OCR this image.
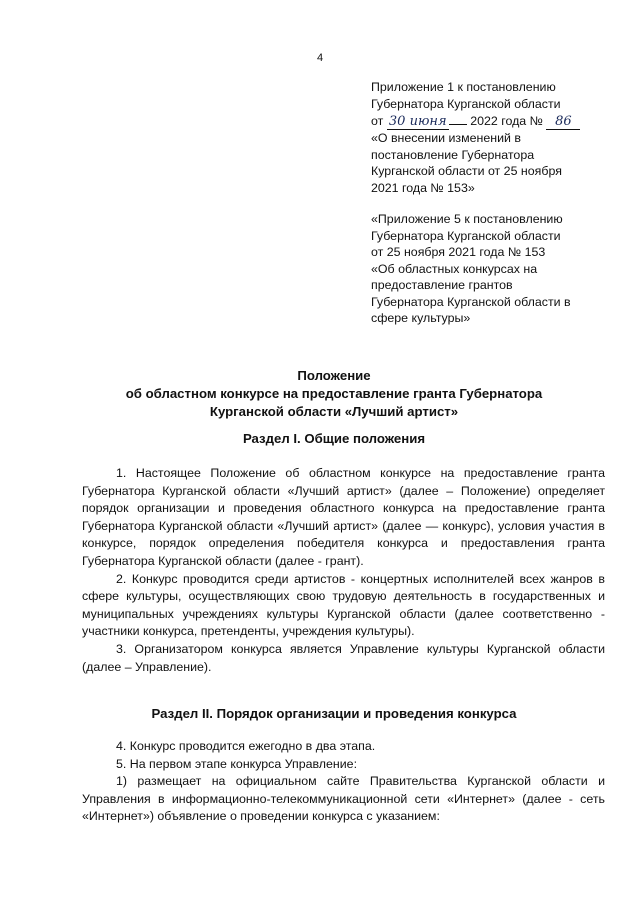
4
Приложение 1 к постановлению
Губернатора Курганской области
от 30 июня 2022 года № 86
«О внесении изменений в
постановление Губернатора
Курганской области от 25 ноября
2021 года № 153»
«Приложение 5 к постановлению
Губернатора Курганской области
от 25 ноября 2021 года № 153
«Об областных конкурсах на
предоставление грантов
Губернатора Курганской области в
сфере культуры»
Положение
об областном конкурсе на предоставление гранта Губернатора
Курганской области «Лучший артист»
Раздел I. Общие положения

1. Настоящее Положение об областном конкурсе на предоставление гранта Губернатора Курганской области «Лучший артист» (далее – Положение) определяет порядок организации и проведения областного конкурса на предоставление гранта Губернатора Курганской области «Лучший артист» (далее — конкурс), условия участия в конкурсе, порядок определения победителя конкурса и предоставления гранта Губернатора Курганской области (далее - грант).

2. Конкурс проводится среди артистов - концертных исполнителей всех жанров в сфере культуры, осуществляющих свою трудовую деятельность в государственных и муниципальных учреждениях культуры Курганской области (далее соответственно - участники конкурса, претенденты, учреждения культуры).

3. Организатором конкурса является Управление культуры Курганской области (далее – Управление).

Раздел II. Порядок организации и проведения конкурса

4. Конкурс проводится ежегодно в два этапа.

5. На первом этапе конкурса Управление:

1) размещает на официальном сайте Правительства Курганской области и Управления в информационно-телекоммуникационной сети «Интернет» (далее - сеть «Интернет») объявление о проведении конкурса с указанием:
